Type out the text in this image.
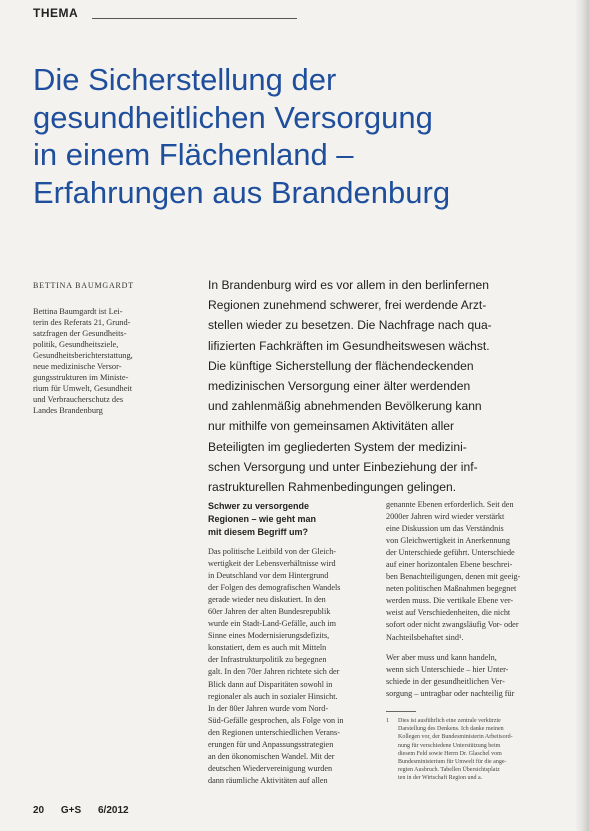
THEMA
Die Sicherstellung der
gesundheitlichen Versorgung
in einem Flächenland –
Erfahrungen aus Brandenburg
BETTINA BAUMGARDT
Bettina Baumgardt ist Lei-
terin des Referats 21, Grund-
satzfragen der Gesundheits-
politik, Gesundheitsziele,
Gesundheitsberichterstattung,
neue medizinische Versor-
gungsstrukturen im Ministe-
rium für Umwelt, Gesundheit
und Verbraucherschutz des
Landes Brandenburg
In Brandenburg wird es vor allem in den berlinfernen
Regionen zunehmend schwerer, frei werdende Arzt-
stellen wieder zu besetzen. Die Nachfrage nach qua-
lifizierten Fachkräften im Gesundheitswesen wächst.
Die künftige Sicherstellung der flächendeckenden
medizinischen Versorgung einer älter werdenden
und zahlenmäßig abnehmenden Bevölkerung kann
nur mithilfe von gemeinsamen Aktivitäten aller
Beteiligten im gegliederten System der medizini-
schen Versorgung und unter Einbeziehung der inf-
rastrukturellen Rahmenbedingungen gelingen.
Schwer zu versorgende
Regionen – wie geht man
mit diesem Begriff um?
Das politische Leitbild von der Gleich-
wertigkeit der Lebensverhältnisse wird
in Deutschland vor dem Hintergrund
der Folgen des demografischen Wandels
gerade wieder neu diskutiert. In den
60er Jahren der alten Bundesrepublik
wurde ein Stadt-Land-Gefälle, auch im
Sinne eines Modernisierungsdefizits,
konstatiert, dem es auch mit Mitteln
der Infrastrukturpolitik zu begegnen
galt. In den 70er Jahren richtete sich der
Blick dann auf Disparitäten sowohl in
regionaler als auch in sozialer Hinsicht.
In der 80er Jahren wurde vom Nord-
Süd-Gefälle gesprochen, als Folge von in
den Regionen unterschiedlichen Verans-
erungen für und Anpassungsstrategien
an den ökonomischen Wandel. Mit der
deutschen Wiedervereinigung wurden
dann räumliche Aktivitäten auf allen
genannte Ebenen erforderlich. Seit den
2000er Jahren wird wieder verstärkt
eine Diskussion um das Verständnis
von Gleichwertigkeit in Anerkennung
der Unterschiede geführt. Unterschiede
auf einer horizontalen Ebene beschrei-
ben Benachteiligungen, denen mit geeig-
neten politischen Maßnahmen begegnet
werden muss. Die vertikale Ebene ver-
weist auf Verschiedenheiten, die nicht
sofort oder nicht zwangsläufig Vor- oder
Nachteilsbehaftet sind¹.
Wer aber muss und kann handeln,
wenn sich Unterschiede – hier Unter-
schiede in der gesundheitlichen Ver-
sorgung – untragbar oder nachteilig für
1 Dies ist ausführlich eine zentrale verkürzte
Darstellung des Denkens. Ich danke meinen
Kollegen vor, der Bundesministerin Arbeitsord-
nung für verschiedene Unterstützung beim
diesem Feld sowie Herrn Dr. Glaschel vom
Bundesministerium für Umwelt für die ange-
regten Ausbruch. Tabellen Übersichtsplatz
ten in der Wirtschaft Region und a.
20 G+S 6/2012
